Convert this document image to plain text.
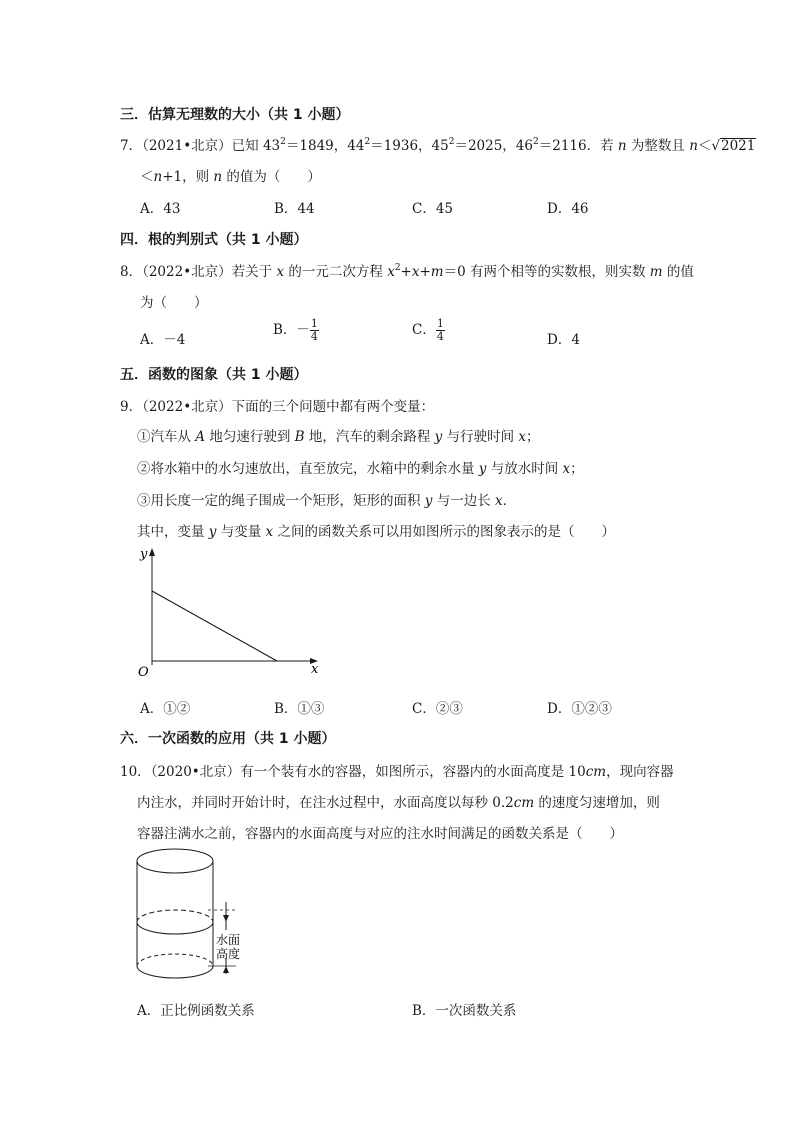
三．估算无理数的大小（共 1 小题）
7．（2021•北京）已知 $43^2=1849$，$44^2=1936$，$45^2=2025$，$46^2=2116$．若 n 为整数且 n＜√2021
＜n+1，则 n 的值为（　　）
A．43	B．44	C．45	D．46
四．根的判别式（共 1 小题）
8．（2022•北京）若关于 x 的一元二次方程 $x^2+x+m=0$ 有两个相等的实数根，则实数 m 的值
为（　　）
A．－4
B．－ $\frac{1}{4}$	C． $\frac{1}{4}$	D．4
五．函数的图象（共 1 小题）
9．（2022•北京）下面的三个问题中都有两个变量：
①汽车从 A 地匀速行驶到 B 地，汽车的剩余路程 y 与行驶时间 x；
②将水箱中的水匀速放出，直至放完，水箱中的剩余水量 y 与放水时间 x；
③用长度一定的绳子围成一个矩形，矩形的面积 y 与一边长 x．
其中，变量 y 与变量 x 之间的函数关系可以用如图所示的图象表示的是（　　）
y
x
O
A．①②	B．①③	C．②③	D．①②③
六．一次函数的应用（共 1 小题）
10．（2020•北京）有一个装有水的容器，如图所示，容器内的水面高度是 10cm，现向容器
内注水，并同时开始计时，在注水过程中，水面高度以每秒 0.2cm 的速度匀速增加，则
容器注满水之前，容器内的水面高度与对应的注水时间满足的函数关系是（　　）
水面
高度
A．正比例函数关系	B．一次函数关系
